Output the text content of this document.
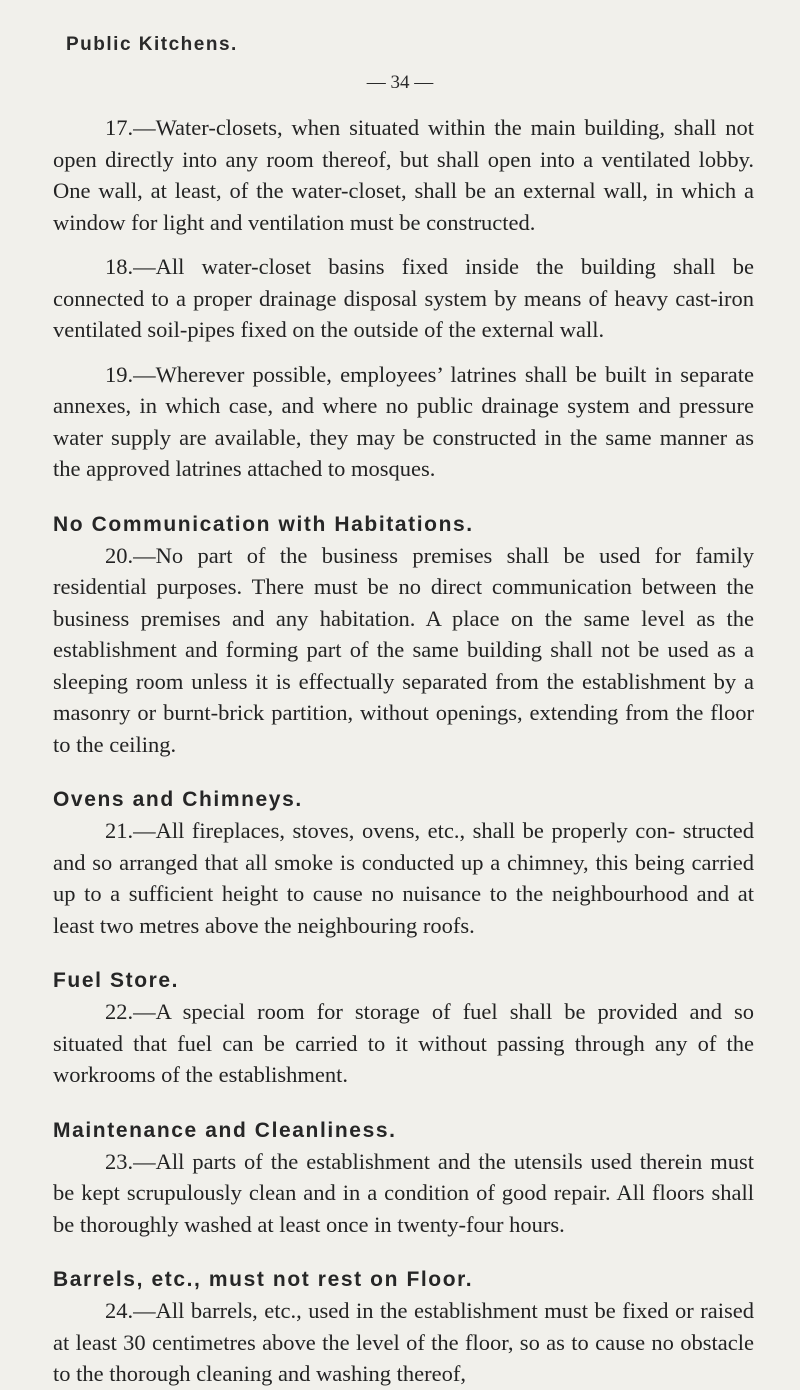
Public Kitchens.

— 34 —

17.—Water-closets, when situated within the main building, shall not open directly into any room thereof, but shall open into a ventilated lobby. One wall, at least, of the water-closet, shall be an external wall, in which a window for light and ventilation must be constructed.

18.—All water-closet basins fixed inside the building shall be connected to a proper drainage disposal system by means of heavy cast-iron ventilated soil-pipes fixed on the outside of the external wall.

19.—Wherever possible, employees’ latrines shall be built in separate annexes, in which case, and where no public drainage system and pressure water supply are available, they may be constructed in the same manner as the approved latrines attached to mosques.

No Communication with Habitations.

20.—No part of the business premises shall be used for family residential purposes. There must be no direct communication between the business premises and any habitation. A place on the same level as the establishment and forming part of the same building shall not be used as a sleeping room unless it is effectually separated from the establishment by a masonry or burnt-brick partition, without openings, extending from the floor to the ceiling.

Ovens and Chimneys.

21.—All fireplaces, stoves, ovens, etc., shall be properly con- structed and so arranged that all smoke is conducted up a chimney, this being carried up to a sufficient height to cause no nuisance to the neighbourhood and at least two metres above the neighbouring roofs.

Fuel Store.

22.—A special room for storage of fuel shall be provided and so situated that fuel can be carried to it without passing through any of the workrooms of the establishment.

Maintenance and Cleanliness.

23.—All parts of the establishment and the utensils used therein must be kept scrupulously clean and in a condition of good repair. All floors shall be thoroughly washed at least once in twenty-four hours.

Barrels, etc., must not rest on Floor.

24.—All barrels, etc., used in the establishment must be fixed or raised at least 30 centimetres above the level of the floor, so as to cause no obstacle to the thorough cleaning and washing thereof,
